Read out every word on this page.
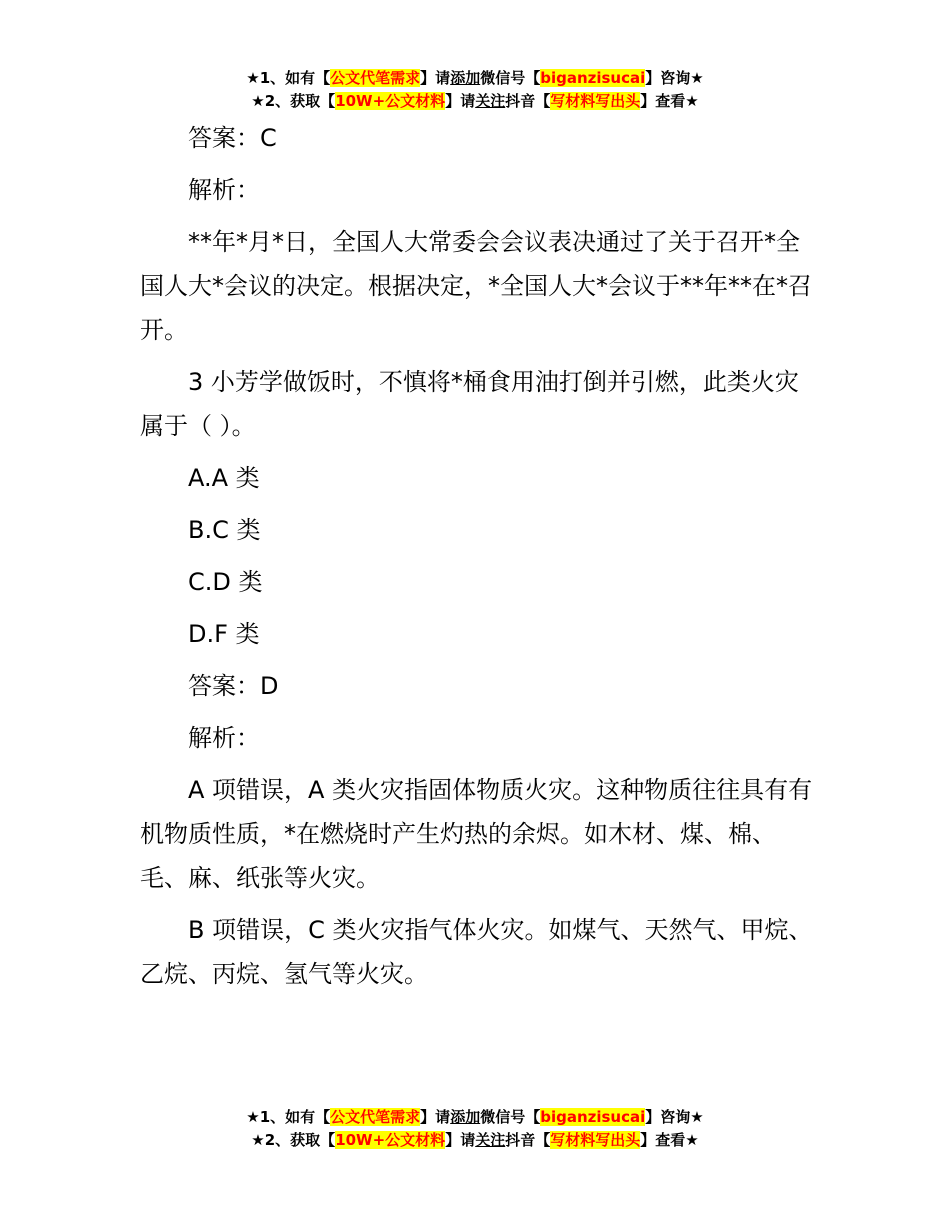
★1、如有【公文代笔需求】请添加微信号【biganzisucai】咨询★
★2、获取【10W+公文材料】请关注抖音【写材料写出头】查看★

答案：C

解析：

**年*月*日，全国人大常委会会议表决通过了关于召开*全国人大*会议的决定。根据决定，*全国人大*会议于**年**在*召开。

3 小芳学做饭时，不慎将*桶食用油打倒并引燃，此类火灾属于（ ）。

A.A 类

B.C 类

C.D 类

D.F 类

答案：D

解析：

A 项错误，A 类火灾指固体物质火灾。这种物质往往具有有机物质性质，*在燃烧时产生灼热的余烬。如木材、煤、棉、毛、麻、纸张等火灾。

B 项错误，C 类火灾指气体火灾。如煤气、天然气、甲烷、乙烷、丙烷、氢气等火灾。

★1、如有【公文代笔需求】请添加微信号【biganzisucai】咨询★
★2、获取【10W+公文材料】请关注抖音【写材料写出头】查看★
